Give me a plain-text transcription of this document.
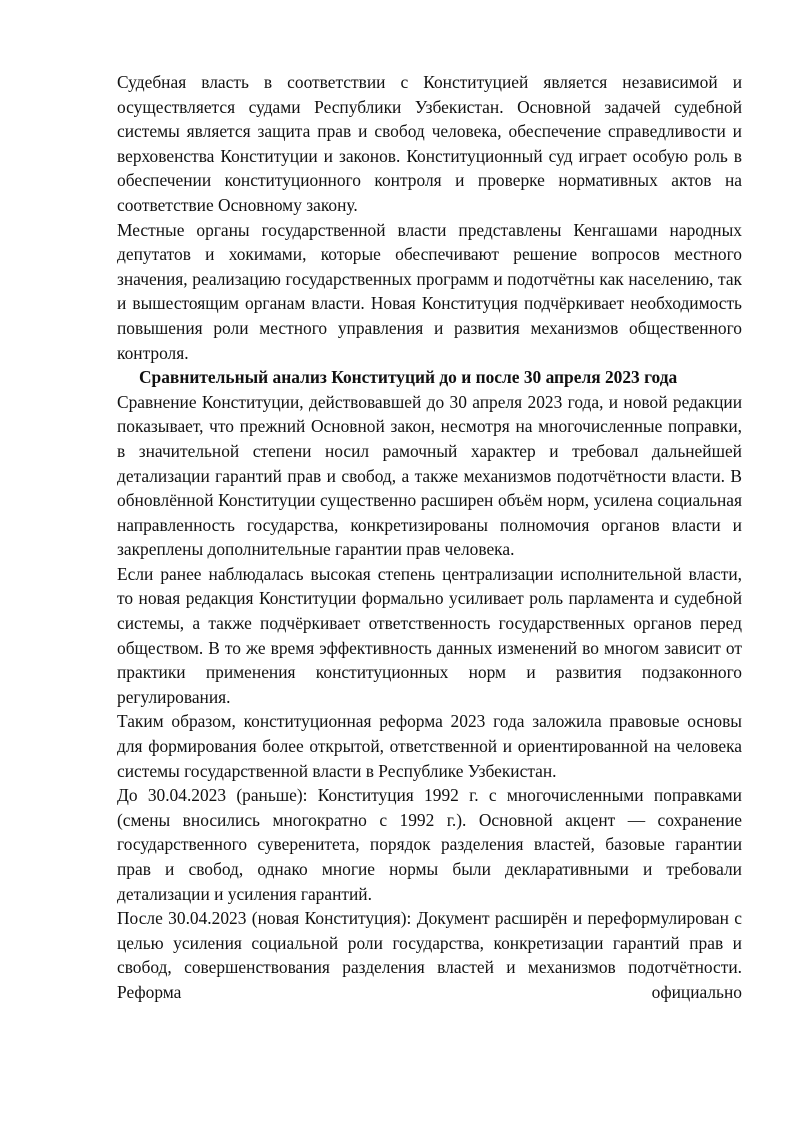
Судебная власть в соответствии с Конституцией является независимой и осуществляется судами Республики Узбекистан. Основной задачей судебной системы является защита прав и свобод человека, обеспечение справедливости и верховенства Конституции и законов. Конституционный суд играет особую роль в обеспечении конституционного контроля и проверке нормативных актов на соответствие Основному закону.

Местные органы государственной власти представлены Кенгашами народных депутатов и хокимами, которые обеспечивают решение вопросов местного значения, реализацию государственных программ и подотчётны как населению, так и вышестоящим органам власти. Новая Конституция подчёркивает необходимость повышения роли местного управления и развития механизмов общественного контроля.

Сравнительный анализ Конституций до и после 30 апреля 2023 года

Сравнение Конституции, действовавшей до 30 апреля 2023 года, и новой редакции показывает, что прежний Основной закон, несмотря на многочисленные поправки, в значительной степени носил рамочный характер и требовал дальнейшей детализации гарантий прав и свобод, а также механизмов подотчётности власти. В обновлённой Конституции существенно расширен объём норм, усилена социальная направленность государства, конкретизированы полномочия органов власти и закреплены дополнительные гарантии прав человека.

Если ранее наблюдалась высокая степень централизации исполнительной власти, то новая редакция Конституции формально усиливает роль парламента и судебной системы, а также подчёркивает ответственность государственных органов перед обществом. В то же время эффективность данных изменений во многом зависит от практики применения конституционных норм и развития подзаконного регулирования.

Таким образом, конституционная реформа 2023 года заложила правовые основы для формирования более открытой, ответственной и ориентированной на человека системы государственной власти в Республике Узбекистан.

До 30.04.2023 (раньше): Конституция 1992 г. с многочисленными поправками (смены вносились многократно с 1992 г.). Основной акцент — сохранение государственного суверенитета, порядок разделения властей, базовые гарантии прав и свобод, однако многие нормы были декларативными и требовали детализации и усиления гарантий.

После 30.04.2023 (новая Конституция): Документ расширён и переформулирован с целью усиления социальной роли государства, конкретизации гарантий прав и свобод, совершенствования разделения властей и механизмов подотчётности. Реформа официально
